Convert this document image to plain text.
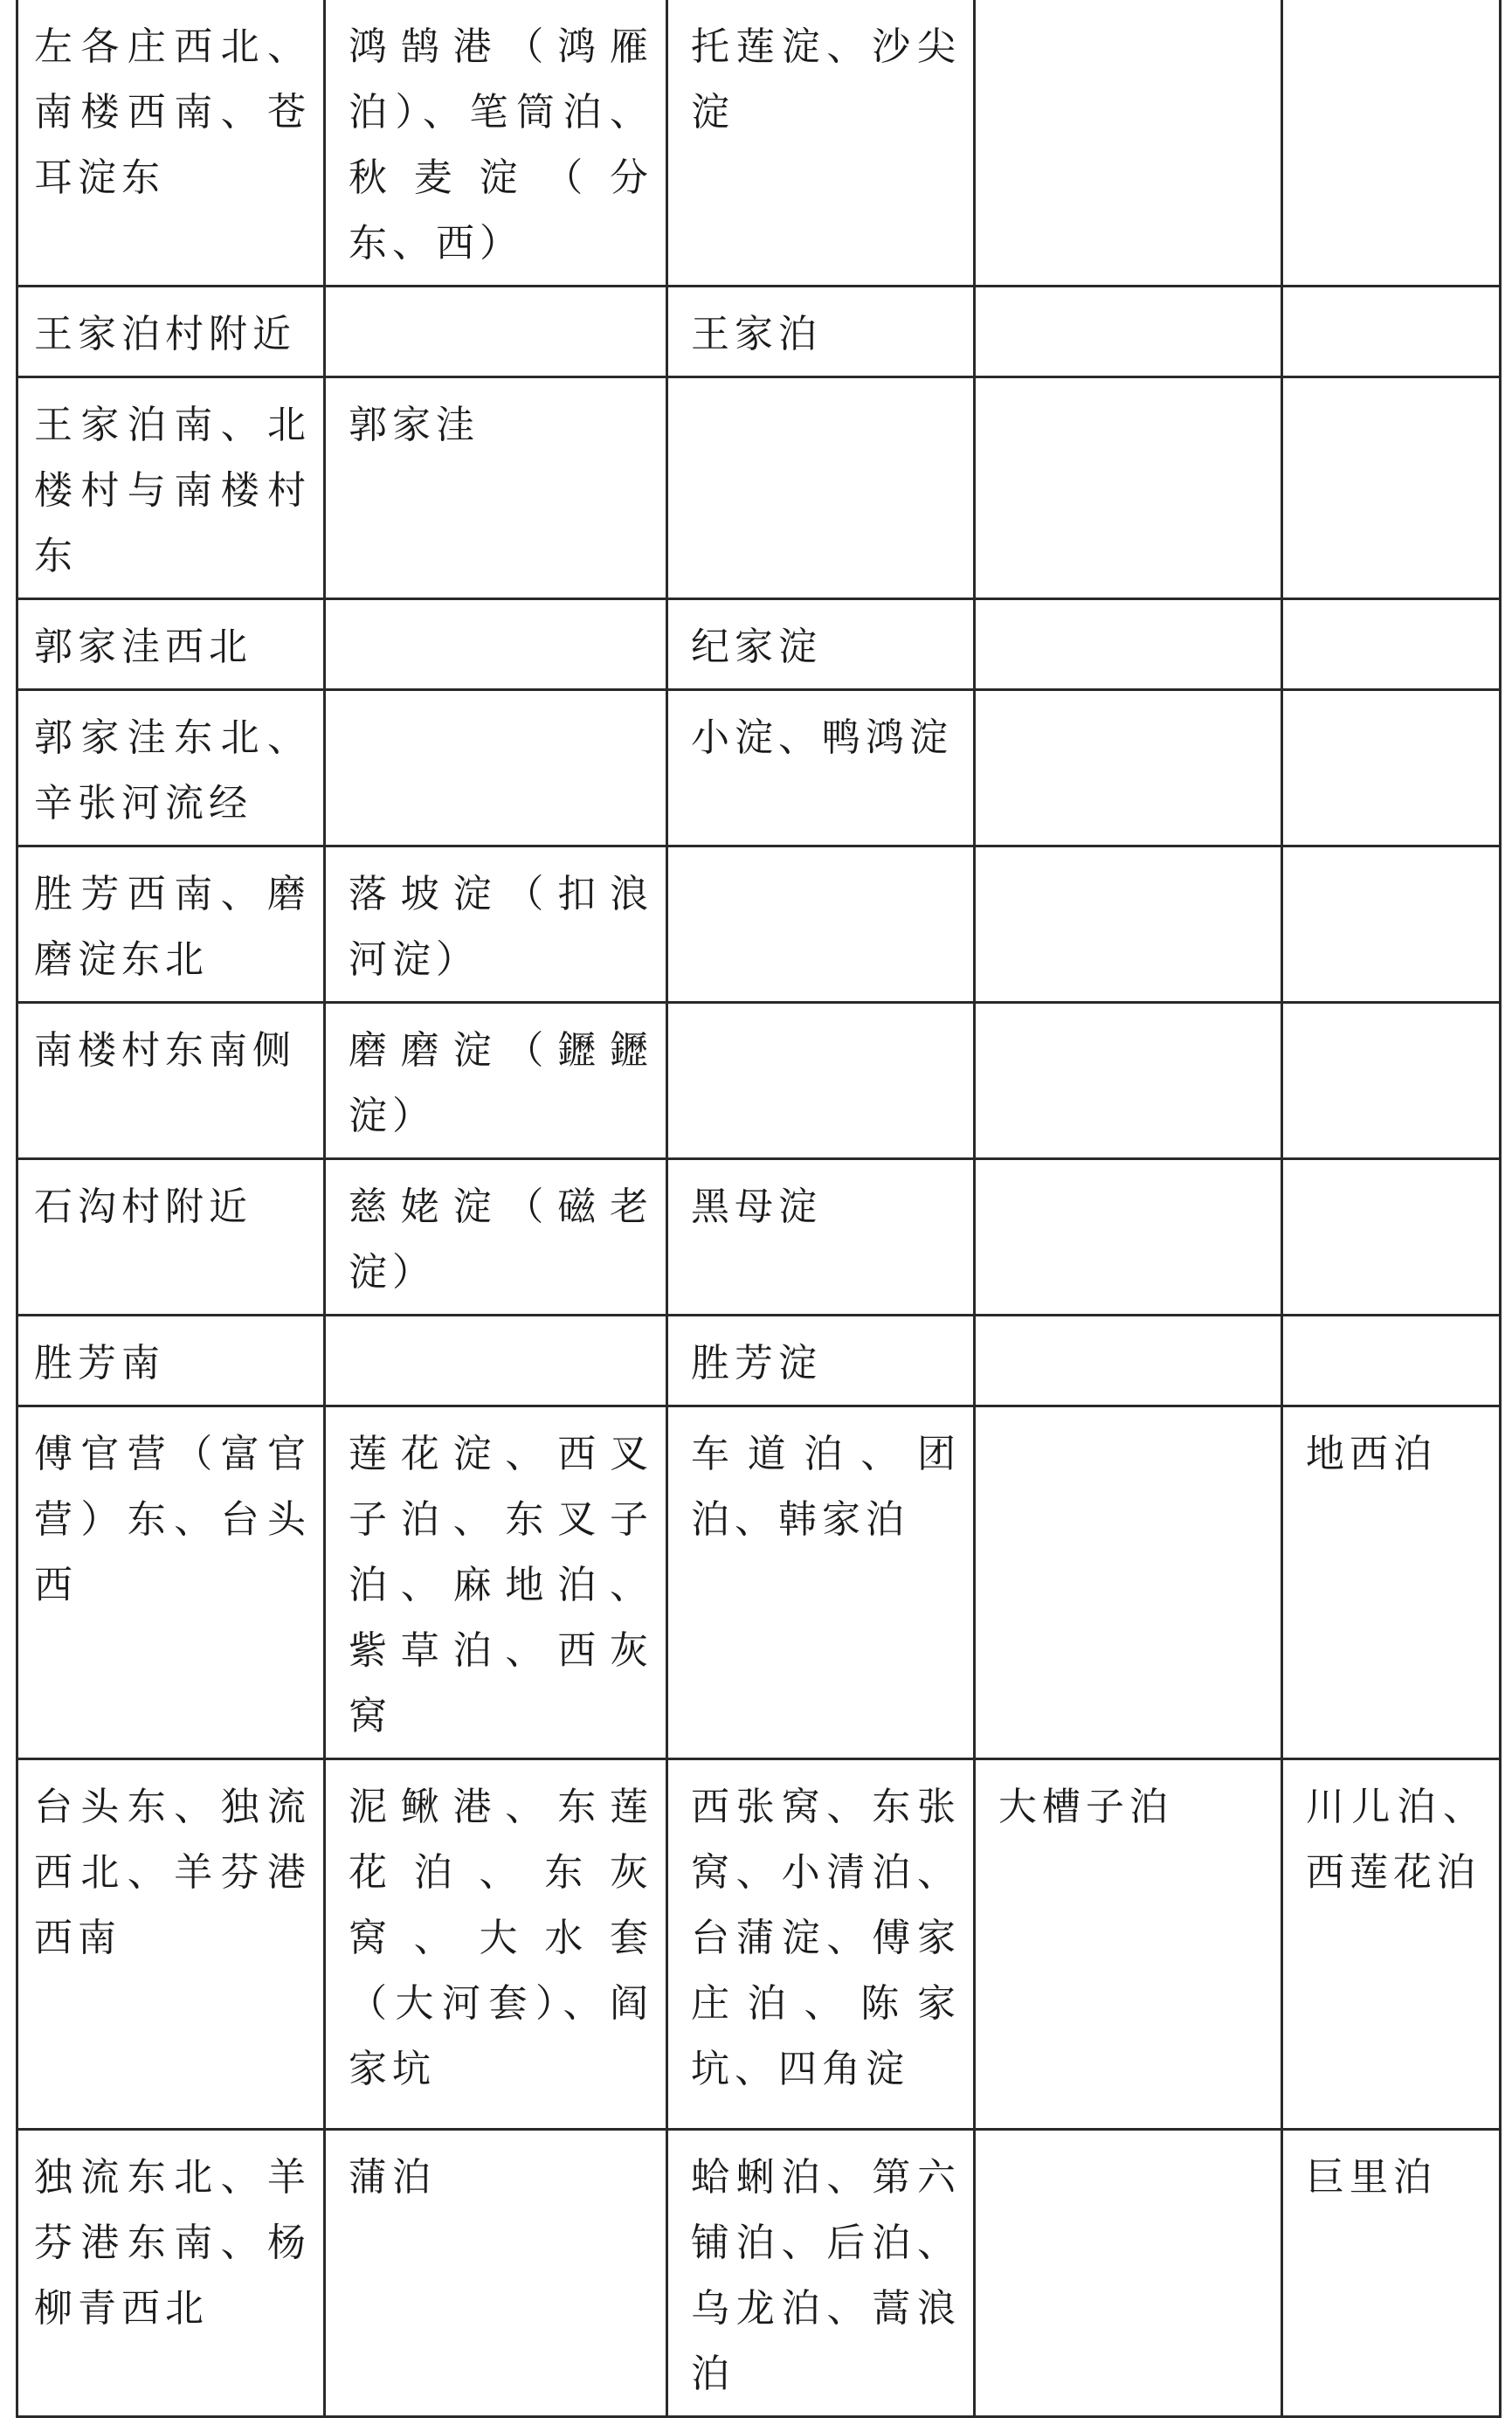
左各庄西北、南楼西南、苍耳淀东	鸿鹄港（鸿雁泊）、笔筒泊、秋麦淀（分东、西）	托莲淀、沙尖淀		
王家泊村附近		王家泊		
王家泊南、北楼村与南楼村东	郭家洼			
郭家洼西北		纪家淀		
郭家洼东北、辛张河流经		小淀、鸭鸿淀		
胜芳西南、磨磨淀东北	落坡淀（扣浪河淀）			
南楼村东南侧	磨磨淀（䥶䥶淀）			
石沟村附近	慈姥淀（磁老淀）	黑母淀		
胜芳南		胜芳淀		
傅官营（富官营）东、台头西	莲花淀、西叉子泊、东叉子泊、麻地泊、紫草泊、西灰窝	车道泊、团泊、韩家泊		地西泊
台头东、独流西北、羊芬港西南	泥鳅港、东莲花泊、东灰窝、大水套（大河套）、阎家坑	西张窝、东张窝、小清泊、台蒲淀、傅家庄泊、陈家坑、四角淀	大槽子泊	川儿泊、西莲花泊
独流东北、羊芬港东南、杨柳青西北	蒲泊	蛤蜊泊、第六铺泊、后泊、乌龙泊、蒿浪泊		巨里泊
